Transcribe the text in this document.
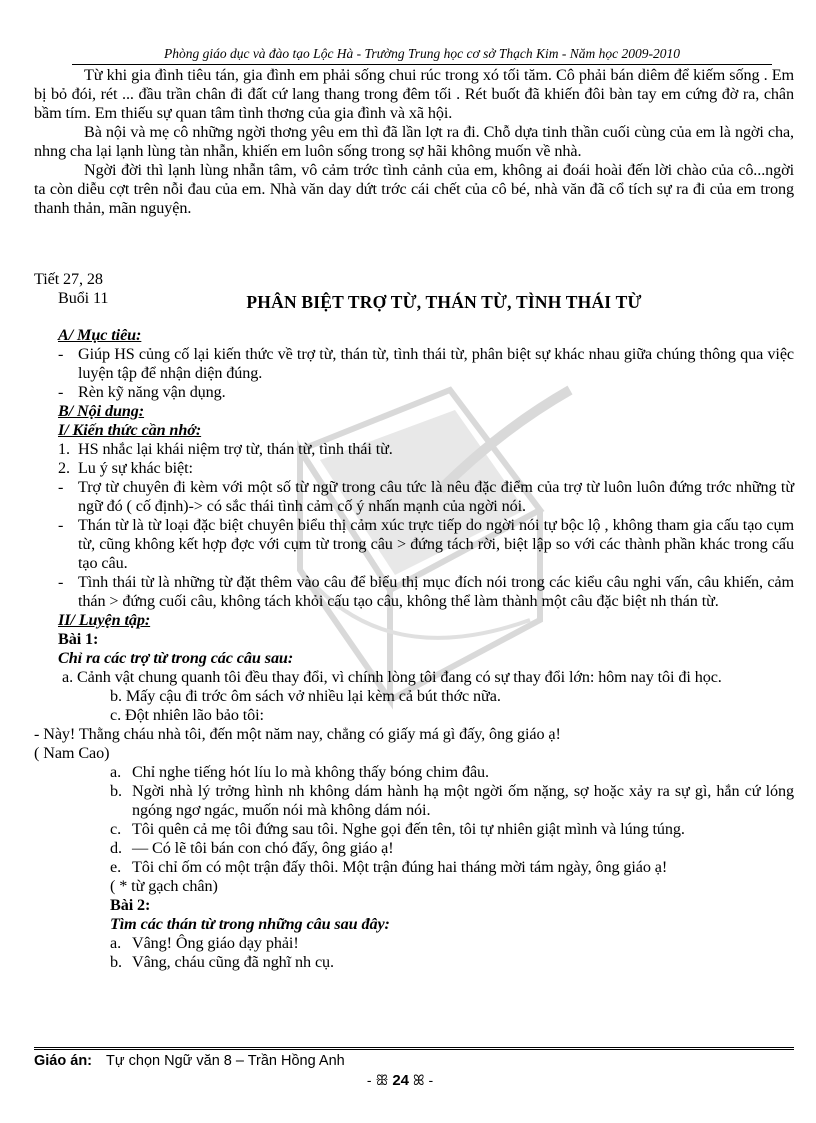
Phòng giáo dục và đào tạo Lộc Hà - Trường Trung học cơ sở Thạch Kim - Năm học 2009-2010

Từ khi gia đình tiêu tán, gia đình em phải sống chui rúc trong xó tối tăm. Cô phải bán diêm để kiếm sống . Em bị bỏ đói, rét ... đầu trần chân đi đất cứ lang thang trong đêm tối . Rét buốt đã khiến đôi bàn tay em cứng đờ ra, chân bầm tím. Em thiếu sự quan tâm tình thơng của gia đình và xã hội.

Bà nội và mẹ cô những ngời thơng yêu em thì đã lần lợt ra đi. Chỗ dựa tinh thần cuối cùng của em là ngời cha, nhng cha lại lạnh lùng tàn nhẫn, khiến em luôn sống trong sợ hãi không muốn về nhà.

Ngời đời thì lạnh lùng nhẫn tâm, vô cảm trớc tình cảnh của em, không ai đoái hoài đến lời chào của cô...ngời ta còn diễu cợt trên nỗi đau của em. Nhà văn day dứt trớc cái chết của cô bé, nhà văn đã cổ tích sự ra đi của em trong thanh thản, mãn nguyện.

Tiết 27, 28
Buổi 11	PHÂN BIỆT TRỢ TỪ, THÁN TỪ, TÌNH THÁI TỪ
A/ Mục tiêu:
- Giúp HS củng cố lại kiến thức về trợ từ, thán từ, tình thái từ, phân biệt sự khác nhau giữa chúng thông qua việc luyện tập để nhận diện đúng.
- Rèn kỹ năng vận dụng.
B/ Nội dung:
I/ Kiến thức cần nhớ:
1. HS nhắc lại khái niệm trợ từ, thán từ, tình thái từ.
2. Lu ý sự khác biệt:
- Trợ từ chuyên đi kèm với một số từ ngữ trong câu tức là nêu đặc điểm của trợ từ luôn luôn đứng trớc những từ ngữ đó ( cố định)-> có sắc thái tình cảm cố ý nhấn mạnh của ngời nói.
- Thán từ là từ loại đặc biệt chuyên biểu thị cảm xúc trực tiếp do ngời nói tự bộc lộ , không tham gia cấu tạo cụm từ, cũng không kết hợp đợc với cụm từ trong câu > đứng tách rời, biệt lập so với các thành phần khác trong cấu tạo câu.
- Tình thái từ là những từ đặt thêm vào câu để biểu thị mục đích nói trong các kiểu câu nghi vấn, câu khiến, cảm thán > đứng cuối câu, không tách khỏi cấu tạo câu, không thể làm thành một câu đặc biệt nh thán từ.
II/ Luyện tập:
Bài 1:
Chỉ ra các trợ từ trong các câu sau:

a. Cảnh vật chung quanh tôi đều thay đổi, vì chính lòng tôi đang có sự thay đổi lớn: hôm nay tôi đi học.

b. Mấy cậu đi trớc ôm sách vở nhiều lại kèm cả bút thớc nữa.

c. Đột nhiên lão bảo tôi:

- Này! Thằng cháu nhà tôi, đến một năm nay, chẳng có giấy má gì đấy, ông giáo ạ!

( Nam Cao)

a. Chỉ nghe tiếng hót líu lo mà không thấy bóng chim đâu.
b. Ngời nhà lý trởng hình nh không dám hành hạ một ngời ốm nặng, sợ hoặc xảy ra sự gì, hắn cứ lóng ngóng ngơ ngác, muốn nói mà không dám nói.
c. Tôi quên cả mẹ tôi đứng sau tôi. Nghe gọi đến tên, tôi tự nhiên giật mình và lúng túng.
d. — Có lẽ tôi bán con chó đấy, ông giáo ạ!
e. Tôi chỉ ốm có một trận đấy thôi. Một trận đúng hai tháng mời tám ngày, ông giáo ạ!

( * từ gạch chân)

Bài 2:
Tìm các thán từ trong những câu sau đây:
a. Vâng! Ông giáo dạy phải!
b. Vâng, cháu cũng đã nghĩ nh cụ.
Giáo án: Tự chọn Ngữ văn 8 – Trần Hồng Anh
- ꕥ 24 ꕤ -
